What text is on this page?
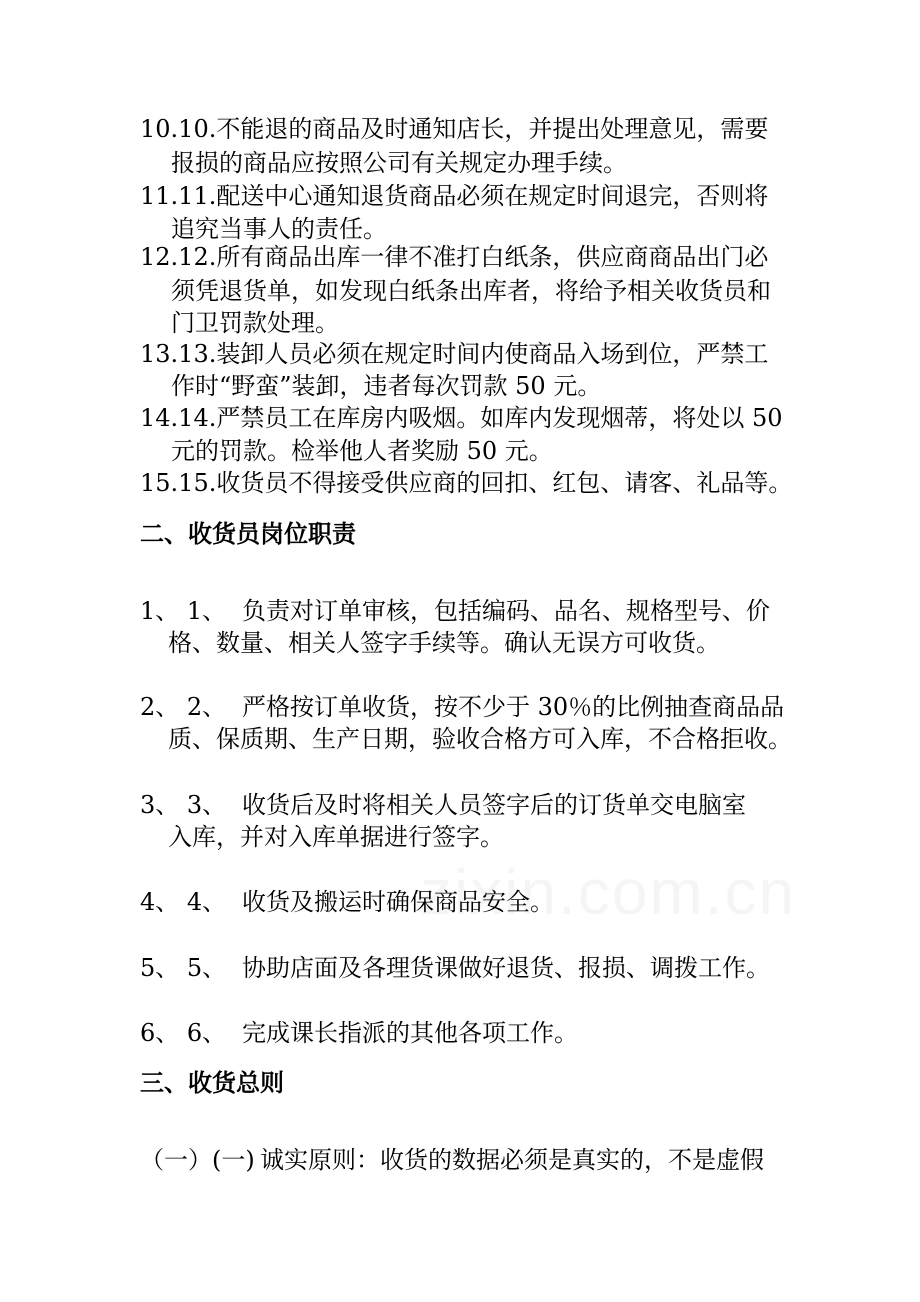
10.10.不能退的商品及时通知店长，并提出处理意见，需要
报损的商品应按照公司有关规定办理手续。
11.11.配送中心通知退货商品必须在规定时间退完，否则将
追究当事人的责任。
12.12.所有商品出库一律不准打白纸条，供应商商品出门必
须凭退货单，如发现白纸条出库者，将给予相关收货员和
门卫罚款处理。
13.13.装卸人员必须在规定时间内使商品入场到位，严禁工
作时“野蛮”装卸，违者每次罚款 50 元。
14.14.严禁员工在库房内吸烟。如库内发现烟蒂，将处以 50
元的罚款。检举他人者奖励 50 元。
15.15.收货员不得接受供应商的回扣、红包、请客、礼品等。
二、收货员岗位职责
1、 1、 负责对订单审核，包括编码、品名、规格型号、价
格、数量、相关人签字手续等。确认无误方可收货。
2、 2、 严格按订单收货，按不少于 30％的比例抽查商品品
质、保质期、生产日期，验收合格方可入库，不合格拒收。
3、 3、 收货后及时将相关人员签字后的订货单交电脑室
入库，并对入库单据进行签字。
4、 4、 收货及搬运时确保商品安全。
5、 5、 协助店面及各理货课做好退货、报损、调拨工作。
6、 6、 完成课长指派的其他各项工作。
三、收货总则
（一）(一) 诚实原则：收货的数据必须是真实的，不是虚假
